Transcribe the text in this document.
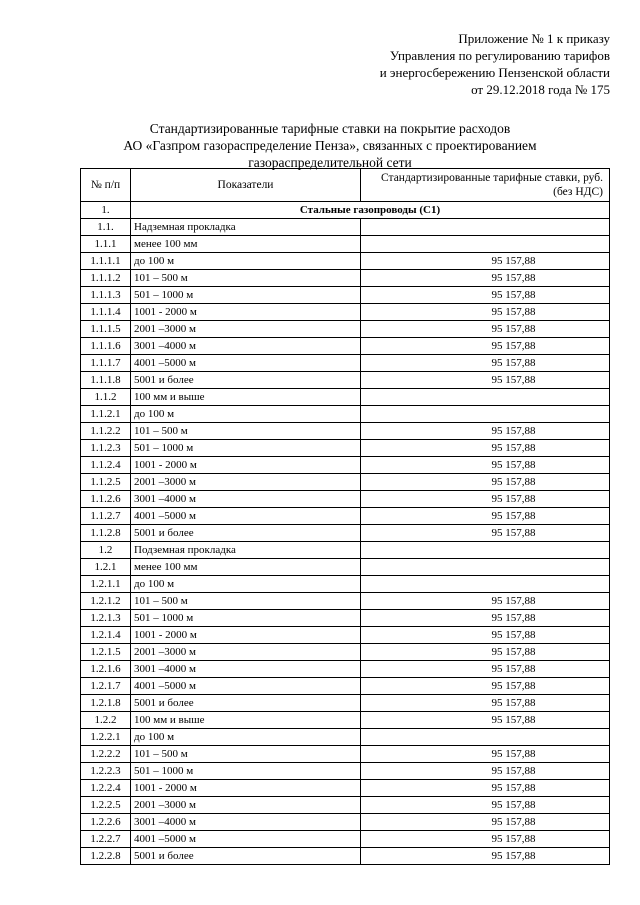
Приложение № 1 к приказу
Управления по регулированию тарифов
и энергосбережению Пензенской области
от 29.12.2018 года № 175
Стандартизированные тарифные ставки на покрытие расходов
АО «Газпром газораспределение Пенза», связанных с проектированием
газораспределительной сети
№ п/п	Показатели	Стандартизированные тарифные ставки, руб. (без НДС)
1.	Стальные газопроводы (С1)	
1.1.	Надземная прокладка	
1.1.1	менее 100 мм	
1.1.1.1	до 100 м	95 157,88
1.1.1.2	101 – 500 м	95 157,88
1.1.1.3	501 – 1000 м	95 157,88
1.1.1.4	1001 - 2000 м	95 157,88
1.1.1.5	2001 –3000 м	95 157,88
1.1.1.6	3001 –4000 м	95 157,88
1.1.1.7	4001 –5000 м	95 157,88
1.1.1.8	5001 и более	95 157,88
1.1.2	100 мм и выше	
1.1.2.1	до 100 м	
1.1.2.2	101 – 500 м	95 157,88
1.1.2.3	501 – 1000 м	95 157,88
1.1.2.4	1001 - 2000 м	95 157,88
1.1.2.5	2001 –3000 м	95 157,88
1.1.2.6	3001 –4000 м	95 157,88
1.1.2.7	4001 –5000 м	95 157,88
1.1.2.8	5001 и более	95 157,88
1.2	Подземная прокладка	
1.2.1	менее 100 мм	
1.2.1.1	до 100 м	
1.2.1.2	101 – 500 м	95 157,88
1.2.1.3	501 – 1000 м	95 157,88
1.2.1.4	1001 - 2000 м	95 157,88
1.2.1.5	2001 –3000 м	95 157,88
1.2.1.6	3001 –4000 м	95 157,88
1.2.1.7	4001 –5000 м	95 157,88
1.2.1.8	5001 и более	95 157,88
1.2.2	100 мм и выше	95 157,88
1.2.2.1	до 100 м	
1.2.2.2	101 – 500 м	95 157,88
1.2.2.3	501 – 1000 м	95 157,88
1.2.2.4	1001 - 2000 м	95 157,88
1.2.2.5	2001 –3000 м	95 157,88
1.2.2.6	3001 –4000 м	95 157,88
1.2.2.7	4001 –5000 м	95 157,88
1.2.2.8	5001 и более	95 157,88
